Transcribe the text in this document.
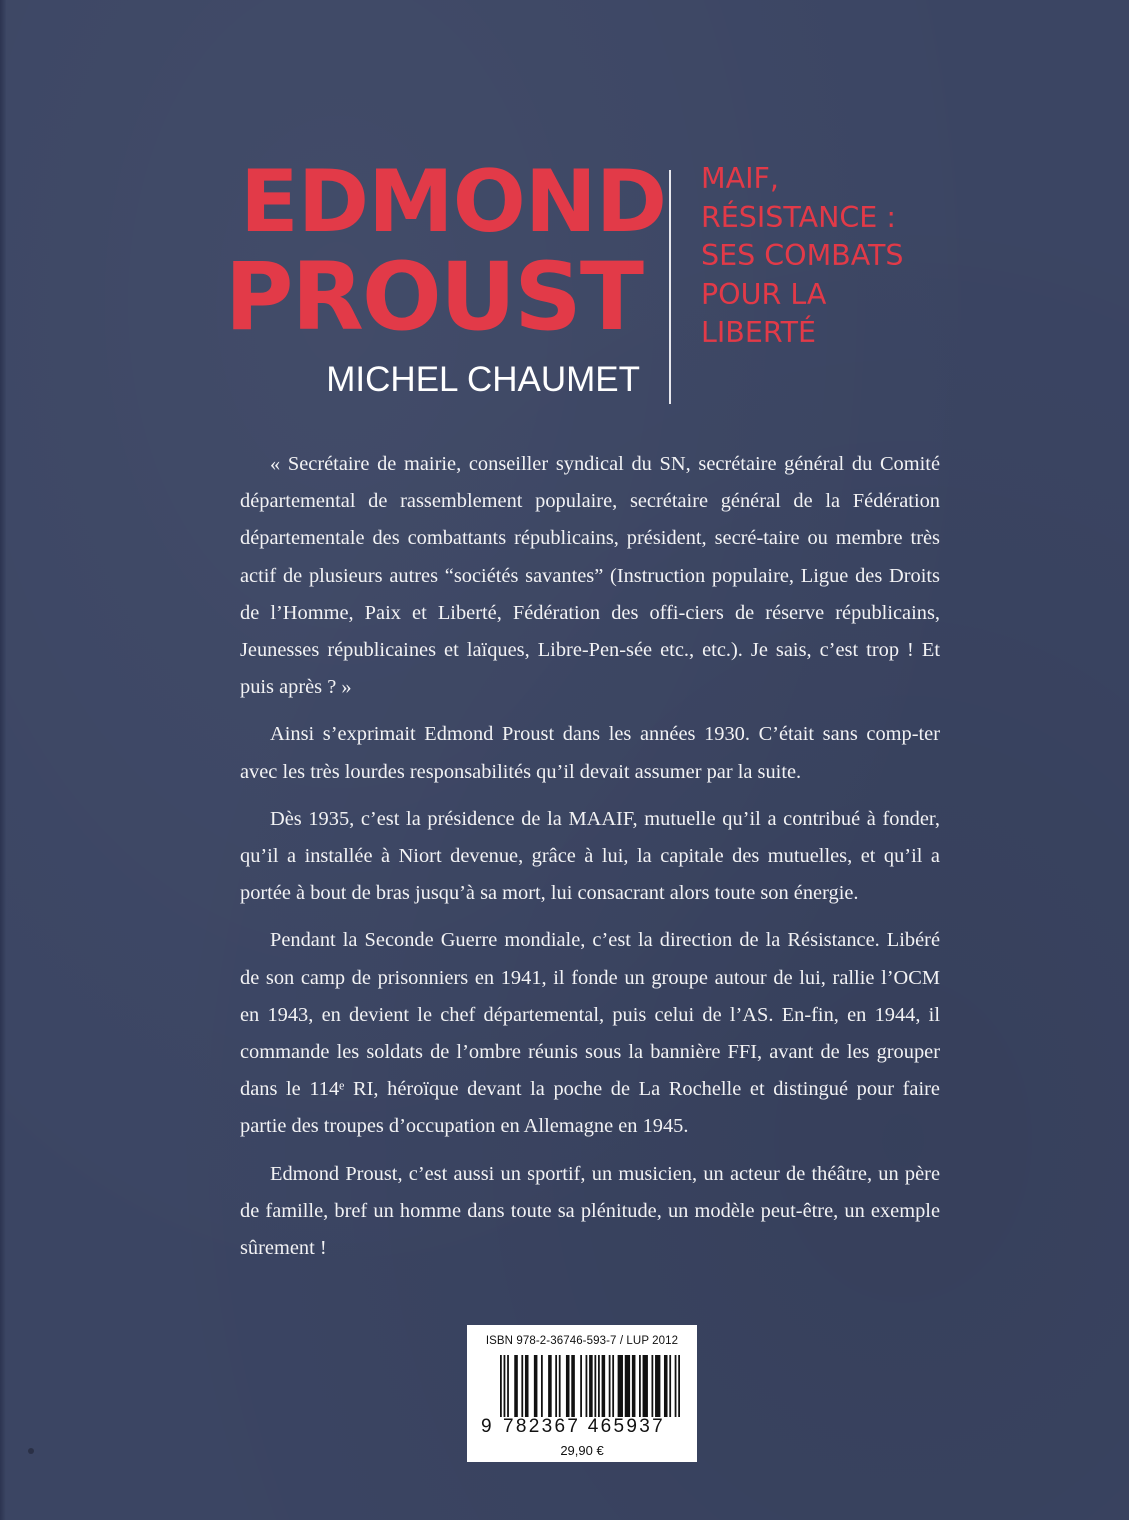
EDMOND
PROUST
MICHEL CHAUMET
MAIF,
RÉSISTANCE :
SES COMBATS
POUR LA
LIBERTÉ

« Secrétaire de mairie, conseiller syndical du SN, secrétaire général du Comité départemental de rassemblement populaire, secrétaire général de la Fédération départementale des combattants républicains, président, secré-taire ou membre très actif de plusieurs autres “sociétés savantes” (Instruction populaire, Ligue des Droits de l’Homme, Paix et Liberté, Fédération des offi-ciers de réserve républicains, Jeunesses républicaines et laïques, Libre-Pen-sée etc., etc.). Je sais, c’est trop ! Et puis après ? »

Ainsi s’exprimait Edmond Proust dans les années 1930. C’était sans comp-ter avec les très lourdes responsabilités qu’il devait assumer par la suite.

Dès 1935, c’est la présidence de la MAAIF, mutuelle qu’il a contribué à fonder, qu’il a installée à Niort devenue, grâce à lui, la capitale des mutuelles, et qu’il a portée à bout de bras jusqu’à sa mort, lui consacrant alors toute son énergie.

Pendant la Seconde Guerre mondiale, c’est la direction de la Résistance. Libéré de son camp de prisonniers en 1941, il fonde un groupe autour de lui, rallie l’OCM en 1943, en devient le chef départemental, puis celui de l’AS. En-fin, en 1944, il commande les soldats de l’ombre réunis sous la bannière FFI, avant de les grouper dans le 114ᵉ RI, héroïque devant la poche de La Rochelle et distingué pour faire partie des troupes d’occupation en Allemagne en 1945.

Edmond Proust, c’est aussi un sportif, un musicien, un acteur de théâtre, un père de famille, bref un homme dans toute sa plénitude, un modèle peut-être, un exemple sûrement !

ISBN 978-2-36746-593-7 / LUP 2012
9 782367 465937
29,90 €
